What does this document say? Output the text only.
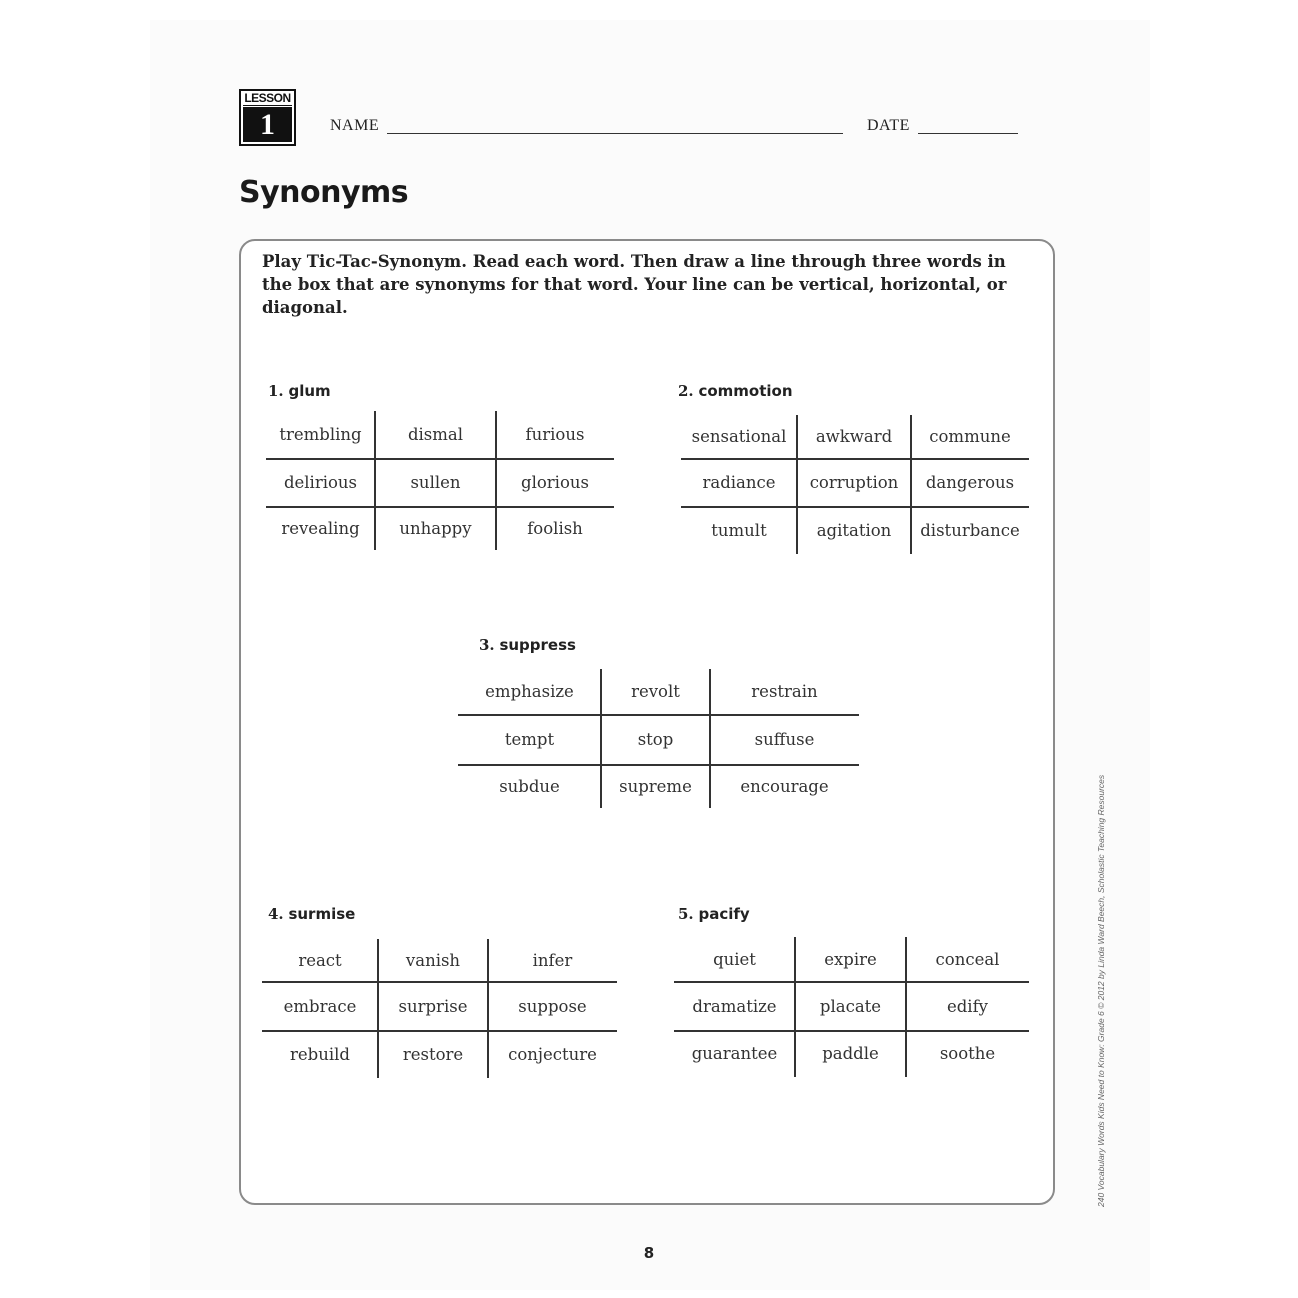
LESSON
1	NAME	DATE
Synonyms

Play Tic-Tac-Synonym. Read each word. Then draw a line through three words in the box that are synonyms for that word. Your line can be vertical, horizontal, or diagonal.

1. glum
trembling	dismal	furious
delirious	sullen	glorious
revealing	unhappy	foolish
2. commotion
sensational	awkward	commune
radiance	corruption	dangerous
tumult	agitation	disturbance
3. suppress
emphasize	revolt	restrain
tempt	stop	suffuse
subdue	supreme	encourage
4. surmise
react	vanish	infer
embrace	surprise	suppose
rebuild	restore	conjecture
5. pacify
quiet	expire	conceal
dramatize	placate	edify
guarantee	paddle	soothe
8
240 Vocabulary Words Kids Need to Know: Grade 6 © 2012 by Linda Ward Beech, Scholastic Teaching Resources
